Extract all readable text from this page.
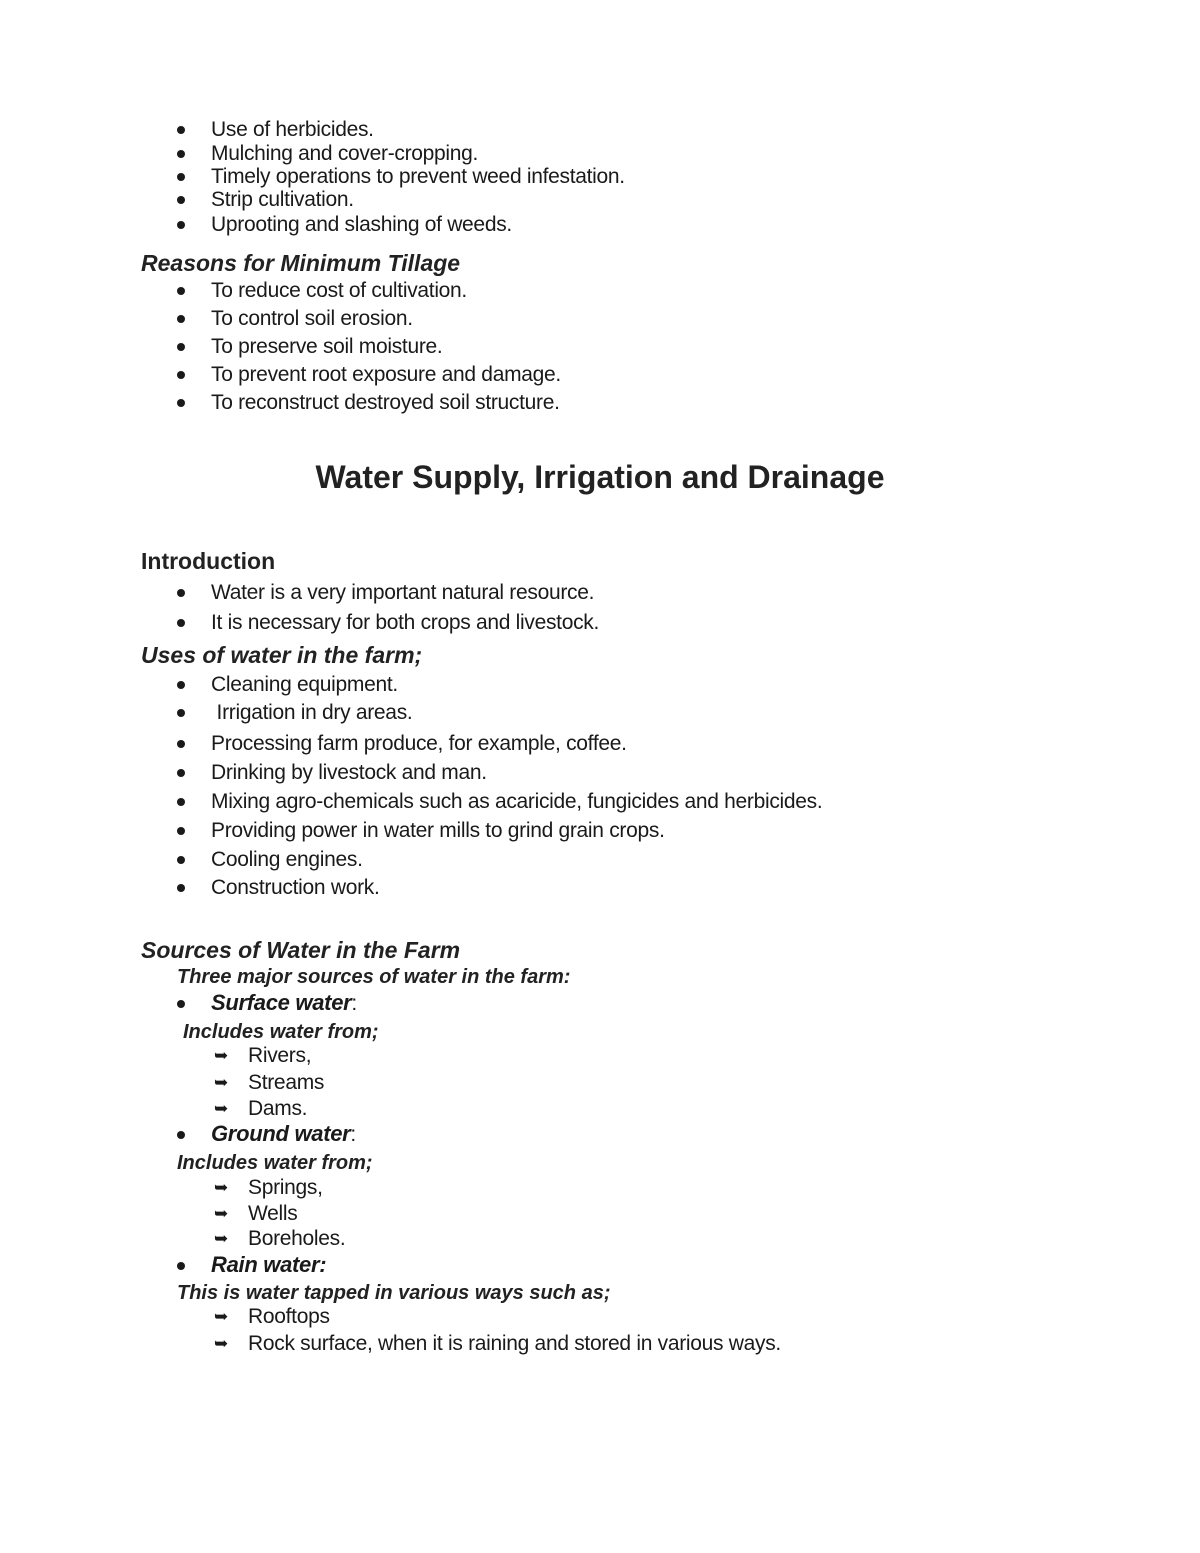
Use of herbicides.
Mulching and cover-cropping.
Timely operations to prevent weed infestation.
Strip cultivation.
Uprooting and slashing of weeds.
Reasons for Minimum Tillage
To reduce cost of cultivation.
To control soil erosion.
To preserve soil moisture.
To prevent root exposure and damage.
To reconstruct destroyed soil structure.
Water Supply, Irrigation and Drainage
Introduction
Water is a very important natural resource.
It is necessary for both crops and livestock.
Uses of water in the farm;
Cleaning equipment.
Irrigation in dry areas.
Processing farm produce, for example, coffee.
Drinking by livestock and man.
Mixing agro-chemicals such as acaricide, fungicides and herbicides.
Providing power in water mills to grind grain crops.
Cooling engines.
Construction work.
Sources of Water in the Farm
Three major sources of water in the farm:
Surface water:
Includes water from;
➥ Rivers,
➥ Streams
➥ Dams.
Ground water:
Includes water from;
➥ Springs,
➥ Wells
➥ Boreholes.
Rain water:
This is water tapped in various ways such as;
➥ Rooftops
➥ Rock surface, when it is raining and stored in various ways.
